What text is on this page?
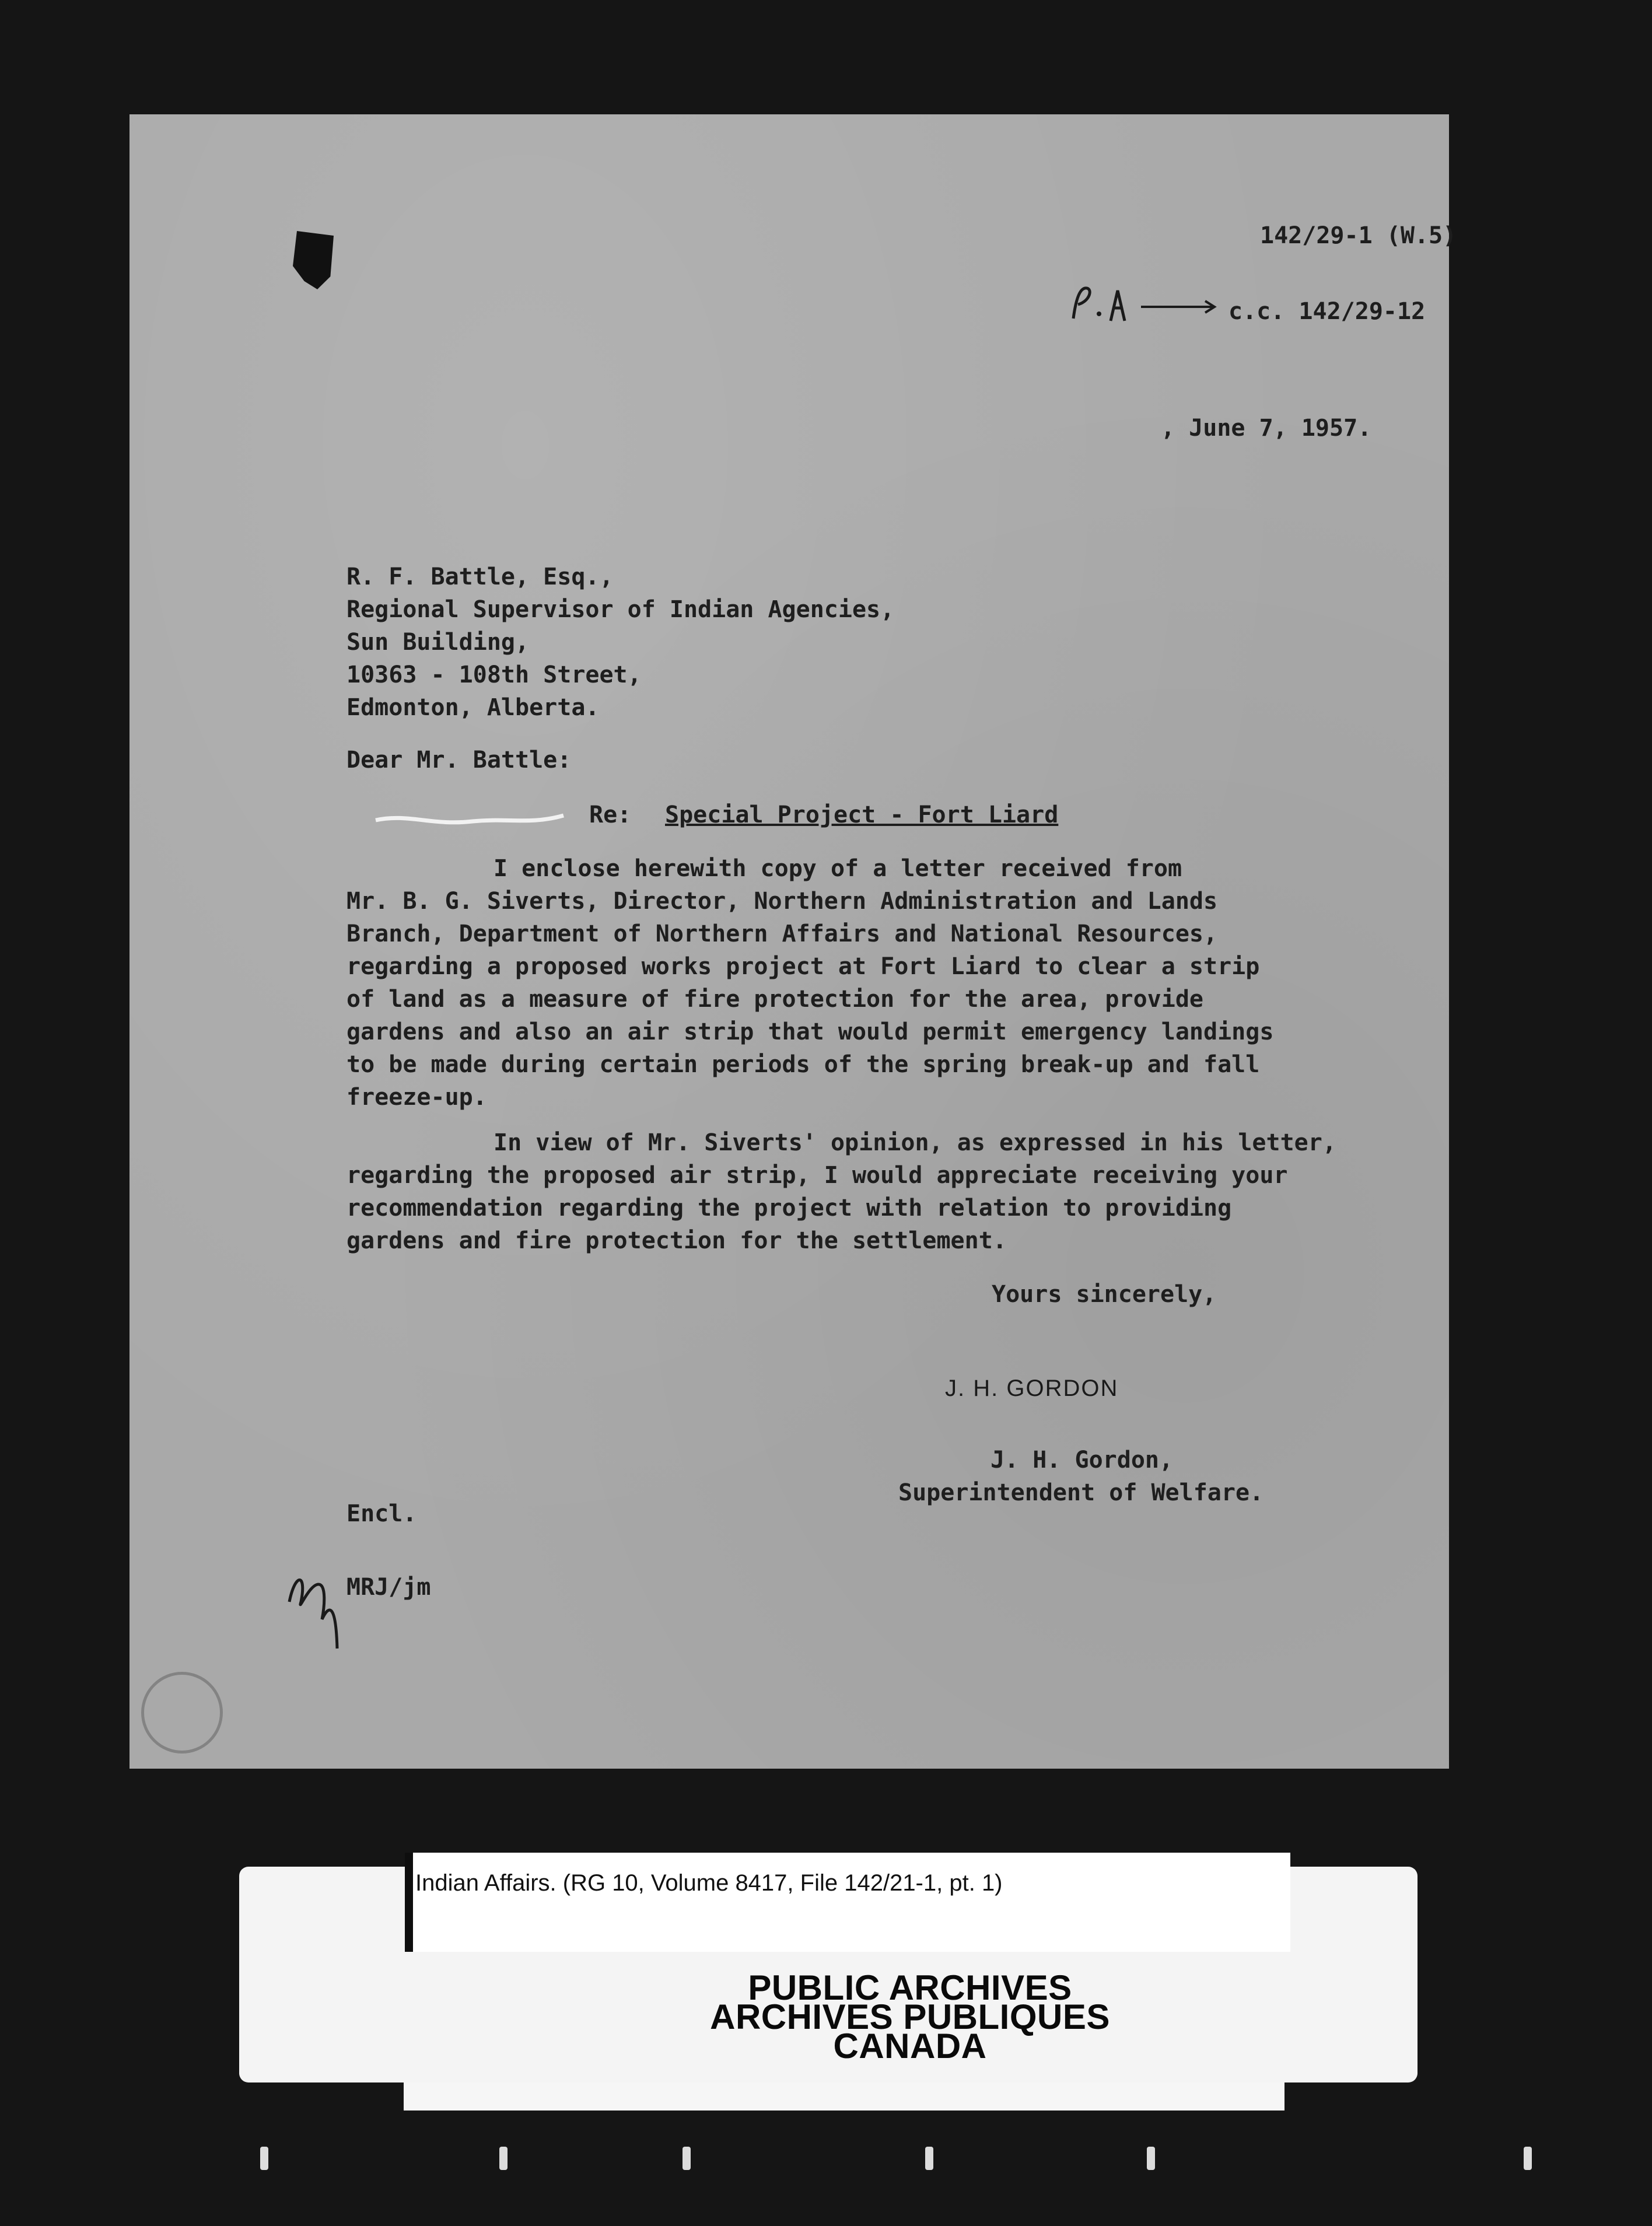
142/29-1 (W.5)
c.c. 142/29-12
, June 7, 1957.
R. F. Battle, Esq.,
Regional Supervisor of Indian Agencies,
Sun Building,
10363 - 108th Street,
Edmonton, Alberta.
Dear Mr. Battle:
Re: Special Project - Fort Liard
I enclose herewith copy of a letter received from
Mr. B. G. Siverts, Director, Northern Administration and Lands
Branch, Department of Northern Affairs and National Resources,
regarding a proposed works project at Fort Liard to clear a strip
of land as a measure of fire protection for the area, provide
gardens and also an air strip that would permit emergency landings
to be made during certain periods of the spring break-up and fall
freeze-up.
In view of Mr. Siverts' opinion, as expressed in his letter,
regarding the proposed air strip, I would appreciate receiving your
recommendation regarding the project with relation to providing
gardens and fire protection for the settlement.
Yours sincerely,
J. H. GORDON
J. H. Gordon,
Superintendent of Welfare.
Encl.
MRJ/jm
Indian Affairs. (RG 10, Volume 8417, File 142/21-1, pt. 1)
PUBLIC ARCHIVES
ARCHIVES PUBLIQUES
CANADA
